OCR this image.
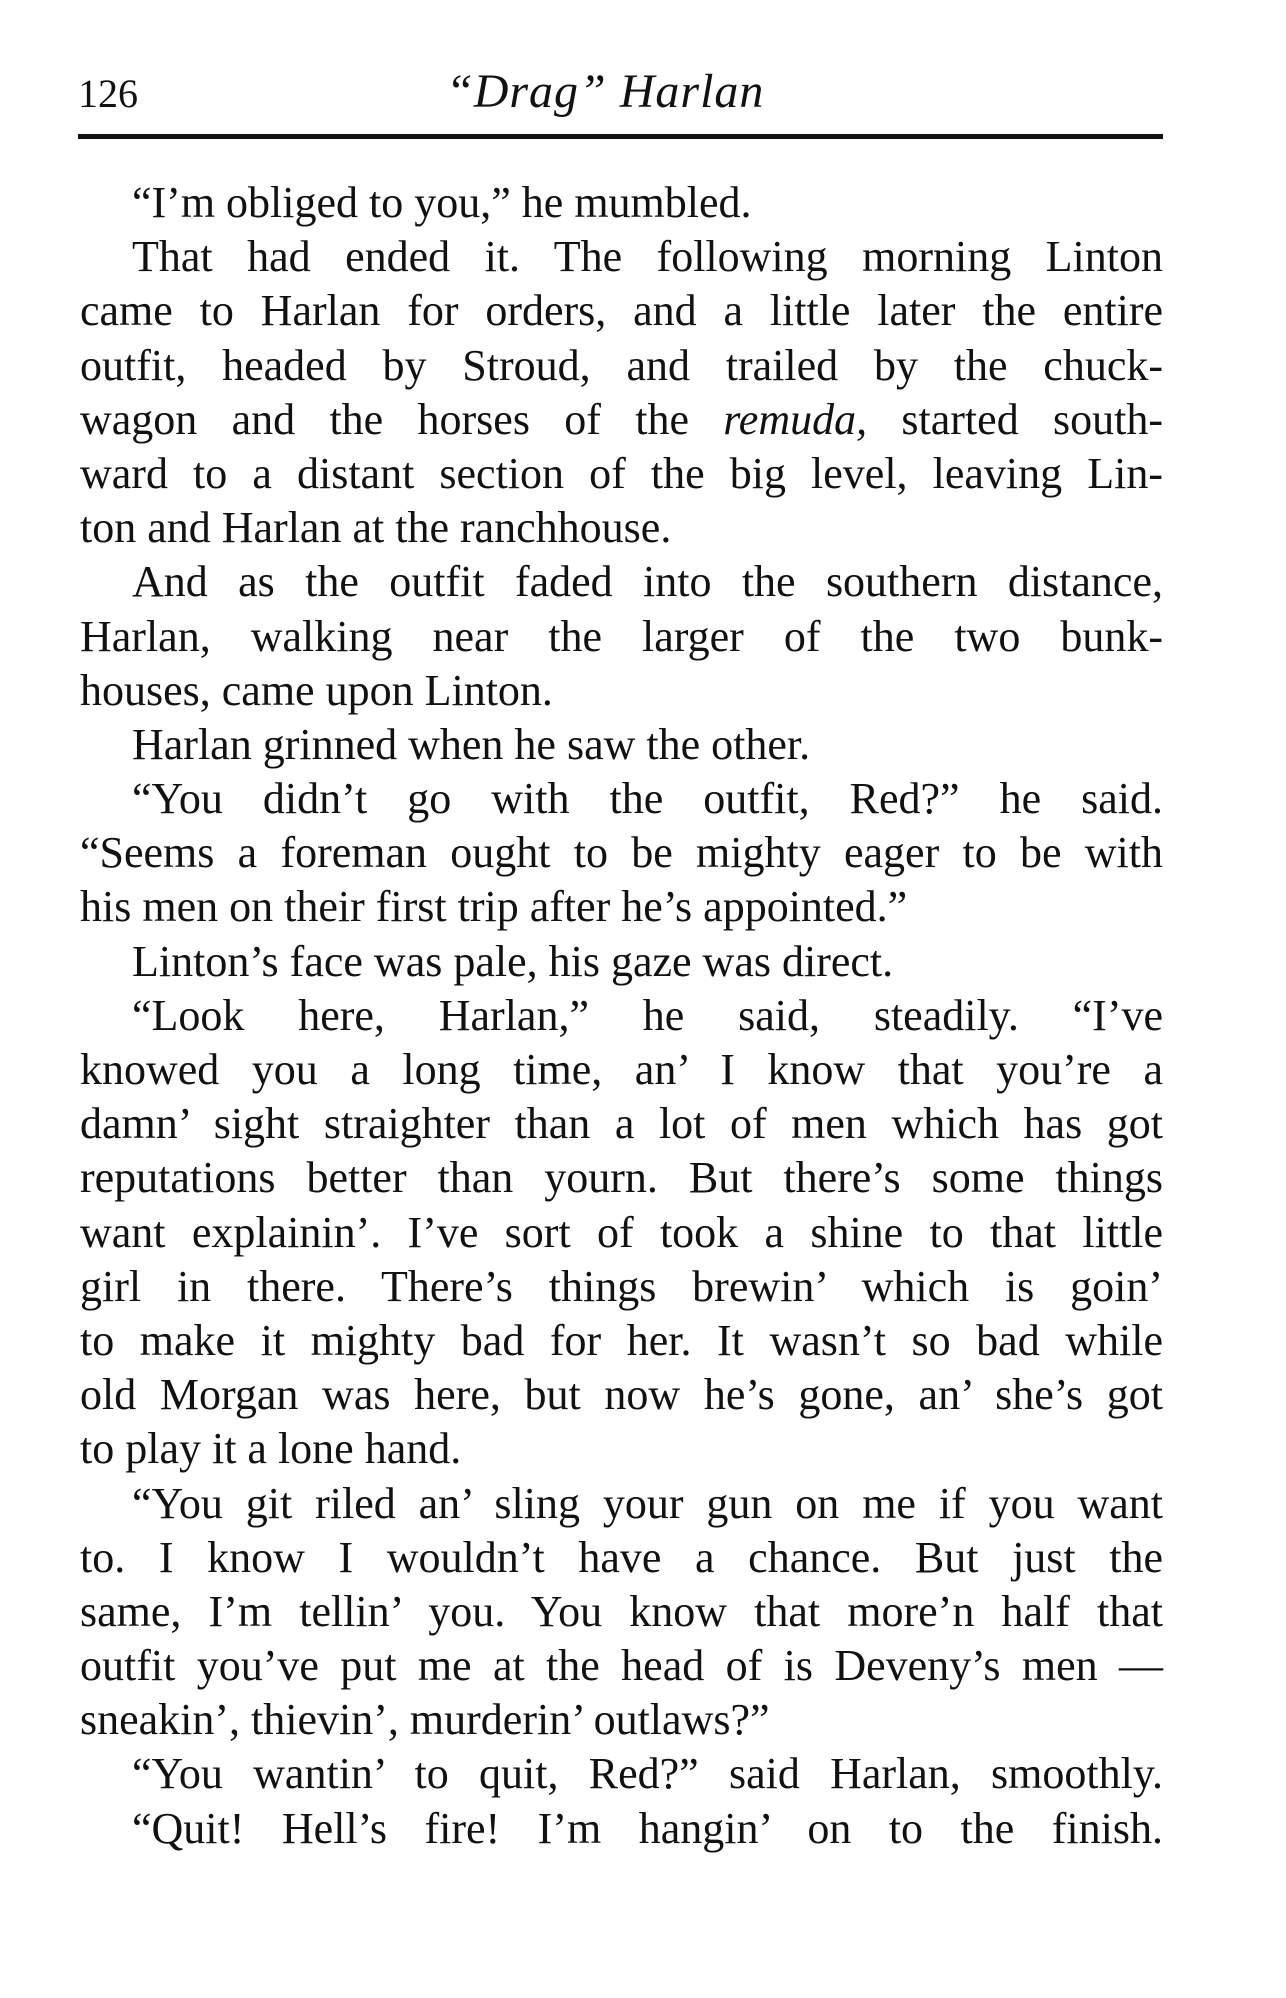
126	“Drag” Harlan
“I’m obliged to you,” he mumbled.
That had ended it. The following morning Linton
came to Harlan for orders, and a little later the entire
outfit, headed by Stroud, and trailed by the chuck-
wagon and the horses of the remuda, started south-
ward to a distant section of the big level, leaving Lin-
ton and Harlan at the ranchhouse.
And as the outfit faded into the southern distance,
Harlan, walking near the larger of the two bunk-
houses, came upon Linton.
Harlan grinned when he saw the other.
“You didn’t go with the outfit, Red?” he said.
“Seems a foreman ought to be mighty eager to be with
his men on their first trip after he’s appointed.”
Linton’s face was pale, his gaze was direct.
“Look here, Harlan,” he said, steadily. “I’ve
knowed you a long time, an’ I know that you’re a
damn’ sight straighter than a lot of men which has got
reputations better than yourn. But there’s some things
want explainin’. I’ve sort of took a shine to that little
girl in there. There’s things brewin’ which is goin’
to make it mighty bad for her. It wasn’t so bad while
old Morgan was here, but now he’s gone, an’ she’s got
to play it a lone hand.
“You git riled an’ sling your gun on me if you want
to. I know I wouldn’t have a chance. But just the
same, I’m tellin’ you. You know that more’n half that
outfit you’ve put me at the head of is Deveny’s men —
sneakin’, thievin’, murderin’ outlaws?”
“You wantin’ to quit, Red?” said Harlan, smoothly.
“Quit! Hell’s fire! I’m hangin’ on to the finish.
